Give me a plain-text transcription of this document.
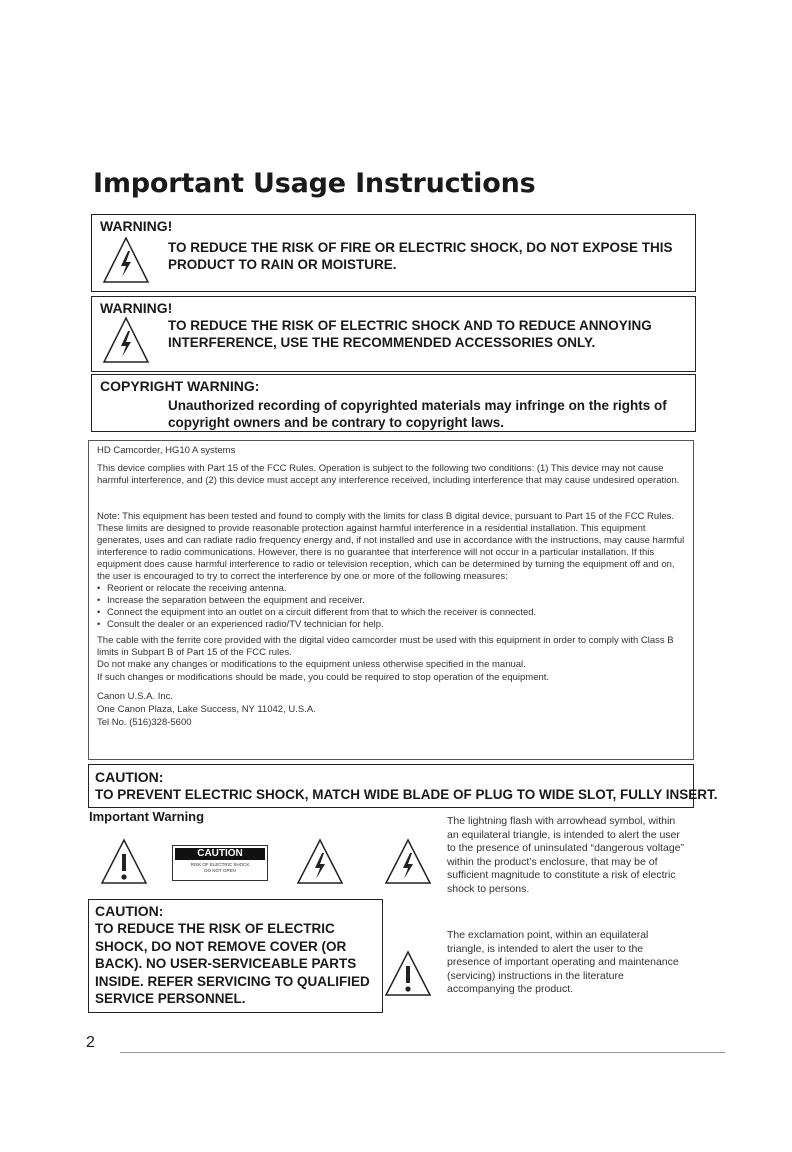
Important Usage Instructions
WARNING!
TO REDUCE THE RISK OF FIRE OR ELECTRIC SHOCK, DO NOT EXPOSE THIS
PRODUCT TO RAIN OR MOISTURE.
WARNING!
TO REDUCE THE RISK OF ELECTRIC SHOCK AND TO REDUCE ANNOYING
INTERFERENCE, USE THE RECOMMENDED ACCESSORIES ONLY.
COPYRIGHT WARNING:
Unauthorized recording of copyrighted materials may infringe on the rights of
copyright owners and be contrary to copyright laws.

HD Camcorder, HG10 A systems

This device complies with Part 15 of the FCC Rules. Operation is subject to the following two conditions: (1) This device may not cause harmful interference, and (2) this device must accept any interference received, including interference that may cause undesired operation.

Note: This equipment has been tested and found to comply with the limits for class B digital device, pursuant to Part 15 of the FCC Rules. These limits are designed to provide reasonable protection against harmful interference in a residential installation. This equipment generates, uses and can radiate radio frequency energy and, if not installed and use in accordance with the instructions, may cause harmful interference to radio communications. However, there is no guarantee that interference will not occur in a particular installation. If this equipment does cause harmful interference to radio or television reception, which can be determined by turning the equipment off and on, the user is encouraged to try to correct the interference by one or more of the following measures:

• Reorient or relocate the receiving antenna.
• Increase the separation between the equipment and receiver.
• Connect the equipment into an outlet on a circuit different from that to which the receiver is connected.
• Consult the dealer or an experienced radio/TV technician for help.

The cable with the ferrite core provided with the digital video camcorder must be used with this equipment in order to comply with Class B limits in Subpart B of Part 15 of the FCC rules.

Do not make any changes or modifications to the equipment unless otherwise specified in the manual.

If such changes or modifications should be made, you could be required to stop operation of the equipment.

Canon U.S.A. Inc.

One Canon Plaza, Lake Success, NY 11042, U.S.A.

Tel No. (516)328-5600

CAUTION:
TO PREVENT ELECTRIC SHOCK, MATCH WIDE BLADE OF PLUG TO WIDE SLOT, FULLY INSERT.
Important Warning
CAUTION
RISK OF ELECTRIC SHOCK
DO NOT OPEN
The lightning flash with arrowhead symbol, within an equilateral triangle, is intended to alert the user to the presence of uninsulated “dangerous voltage” within the product’s enclosure, that may be of sufficient magnitude to constitute a risk of electric shock to persons.
The exclamation point, within an equilateral triangle, is intended to alert the user to the presence of important operating and maintenance (servicing) instructions in the literature accompanying the product.
CAUTION:
TO REDUCE THE RISK OF ELECTRIC
SHOCK, DO NOT REMOVE COVER (OR
BACK). NO USER-SERVICEABLE PARTS
INSIDE. REFER SERVICING TO QUALIFIED
SERVICE PERSONNEL.
2
